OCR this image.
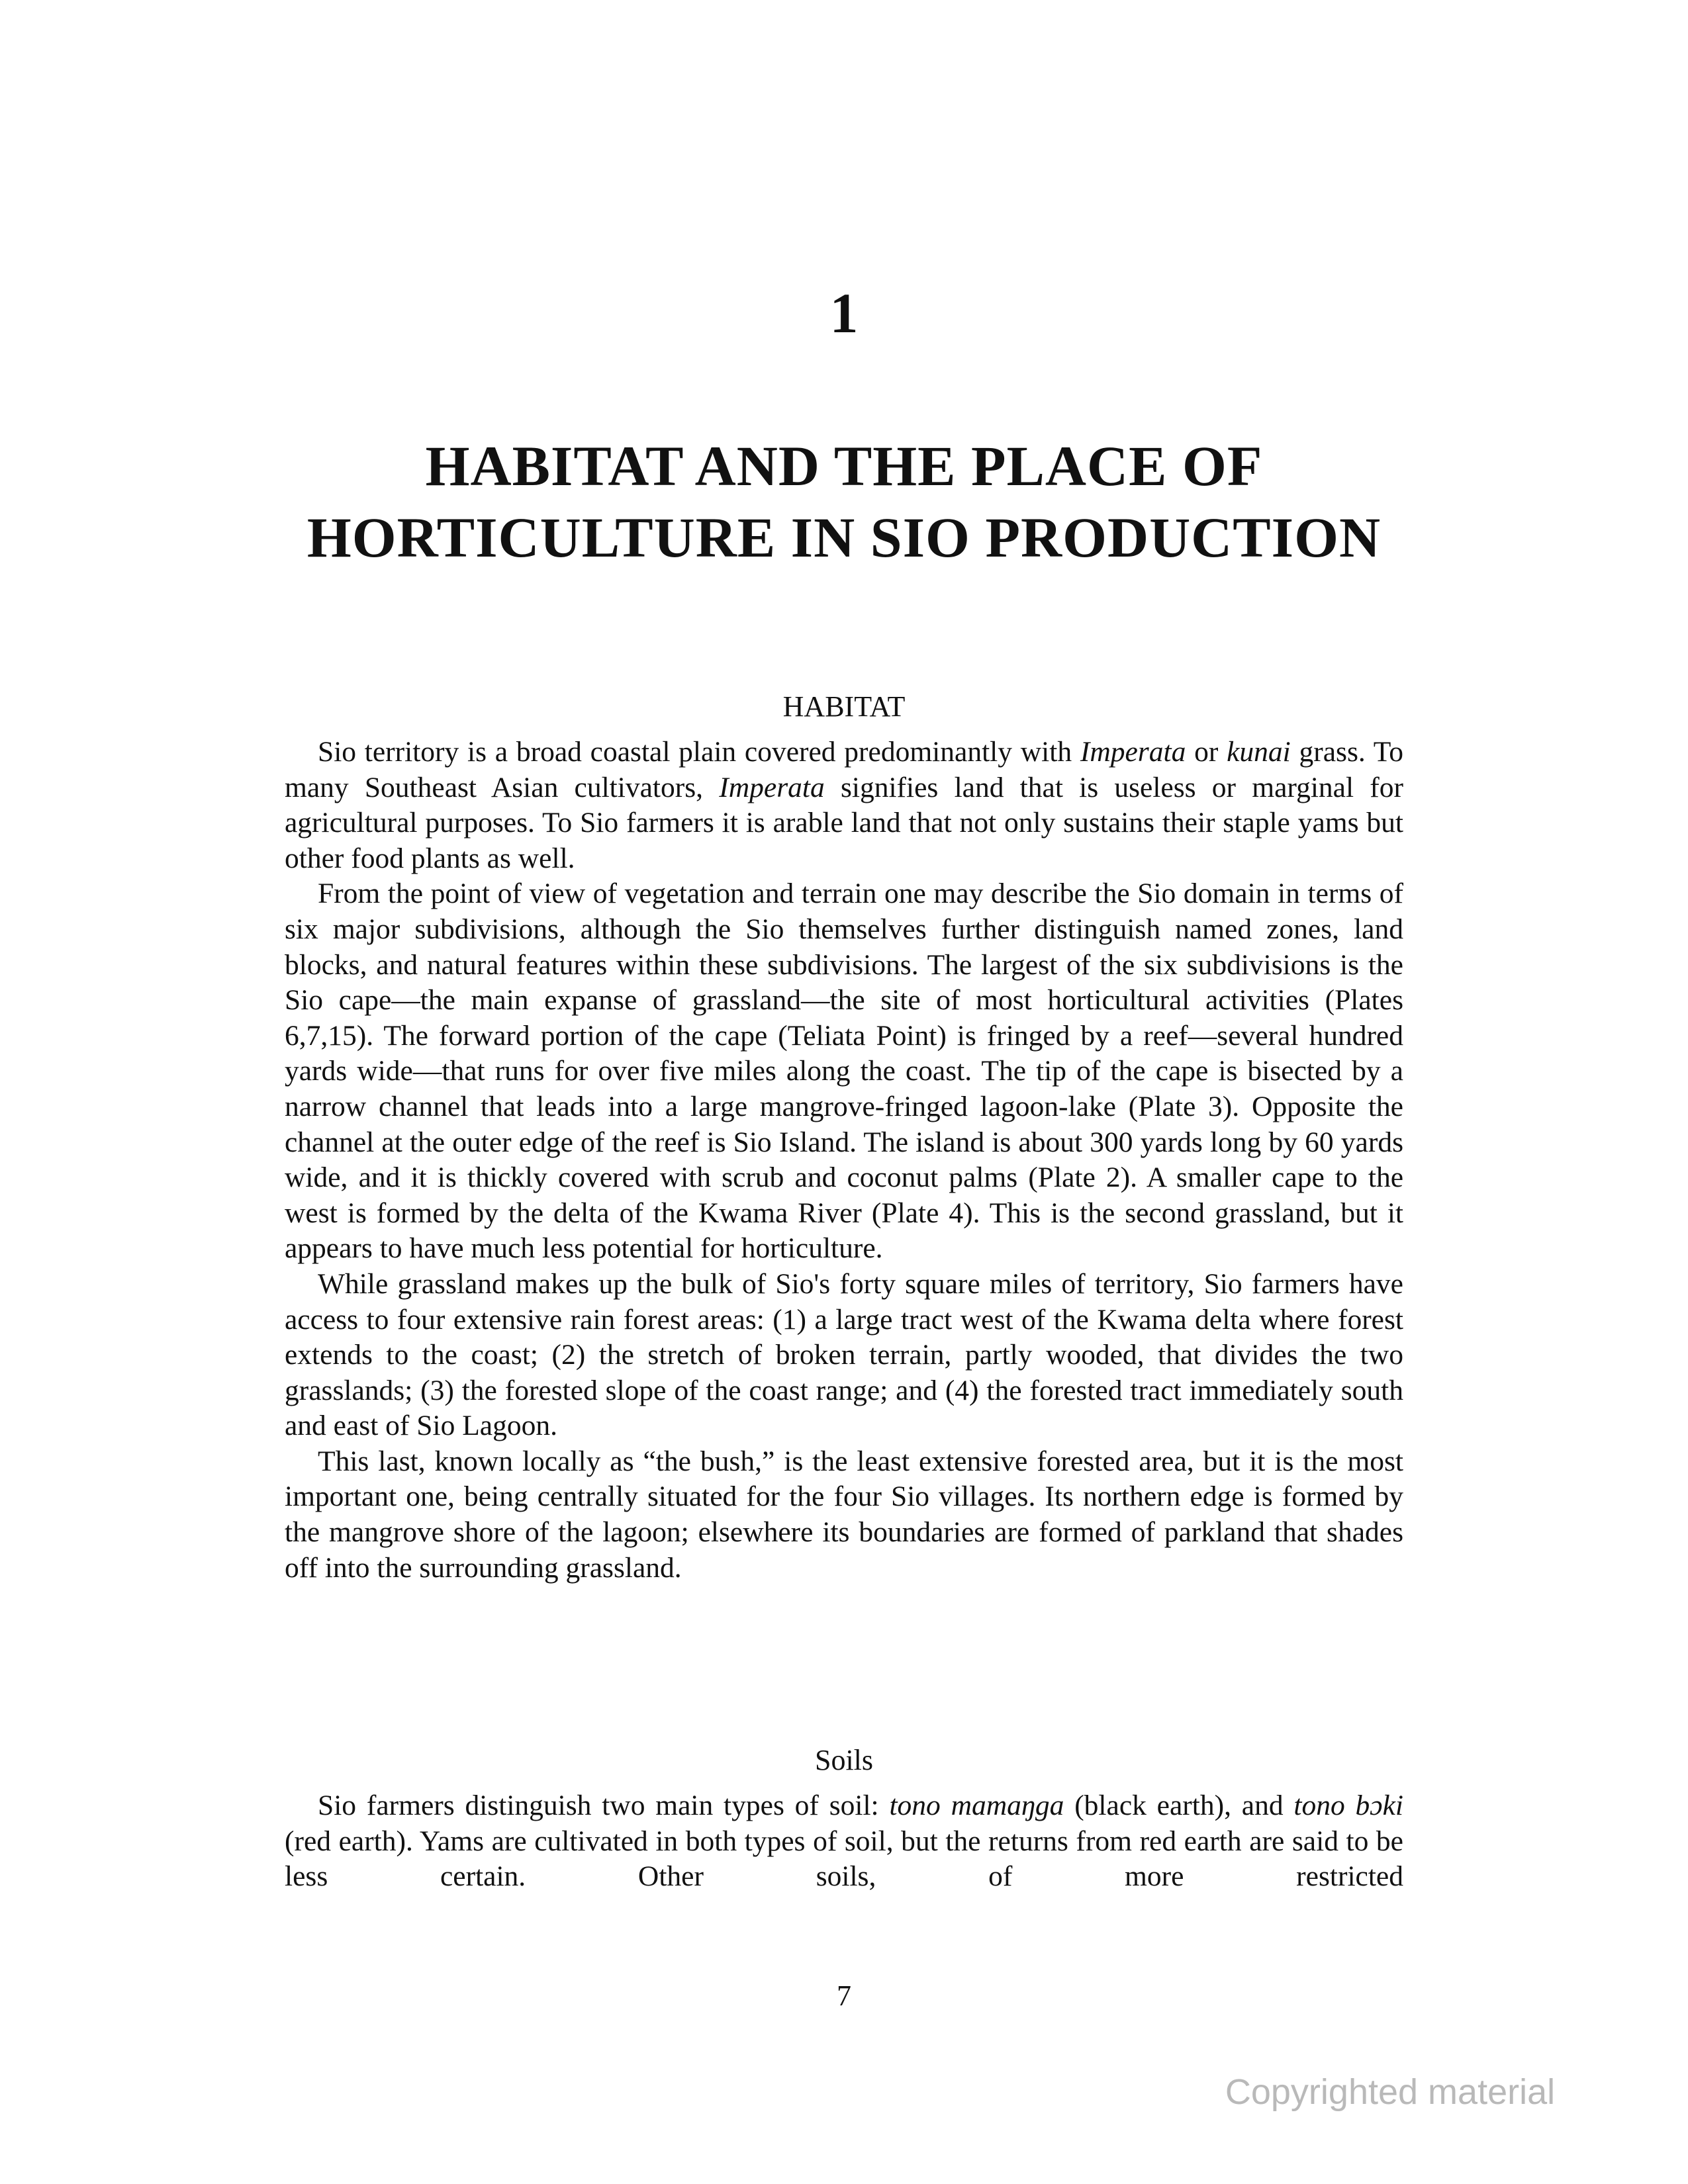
1
HABITAT AND THE PLACE OF
HORTICULTURE IN SIO PRODUCTION
HABITAT

Sio territory is a broad coastal plain covered predominantly with Imperata or kunai grass. To many Southeast Asian cultivators, Imperata signifies land that is useless or marginal for agricultural purposes. To Sio farmers it is arable land that not only sustains their staple yams but other food plants as well.

From the point of view of vegetation and terrain one may describe the Sio domain in terms of six major subdivisions, although the Sio themselves further distinguish named zones, land blocks, and natural features within these subdivisions. The largest of the six subdivisions is the Sio cape—the main expanse of grassland—the site of most horticultural activities (Plates 6,7,15). The forward portion of the cape (Teliata Point) is fringed by a reef—several hundred yards wide—that runs for over five miles along the coast. The tip of the cape is bisected by a narrow channel that leads into a large mangrove-fringed lagoon-lake (Plate 3). Opposite the channel at the outer edge of the reef is Sio Island. The island is about 300 yards long by 60 yards wide, and it is thickly covered with scrub and coconut palms (Plate 2). A smaller cape to the west is formed by the delta of the Kwama River (Plate 4). This is the second grassland, but it appears to have much less potential for horticulture.

While grassland makes up the bulk of Sio's forty square miles of territory, Sio farmers have access to four extensive rain forest areas: (1) a large tract west of the Kwama delta where forest extends to the coast; (2) the stretch of broken terrain, partly wooded, that divides the two grasslands; (3) the forested slope of the coast range; and (4) the forested tract immediately south and east of Sio Lagoon.

This last, known locally as “the bush,” is the least extensive forested area, but it is the most important one, being centrally situated for the four Sio villages. Its northern edge is formed by the mangrove shore of the lagoon; elsewhere its boundaries are formed of parkland that shades off into the surrounding grassland.

Soils

Sio farmers distinguish two main types of soil: tono mamaŋga (black earth), and tono bɔki (red earth). Yams are cultivated in both types of soil, but the returns from red earth are said to be less certain. Other soils, of more restricted

7
Copyrighted material
